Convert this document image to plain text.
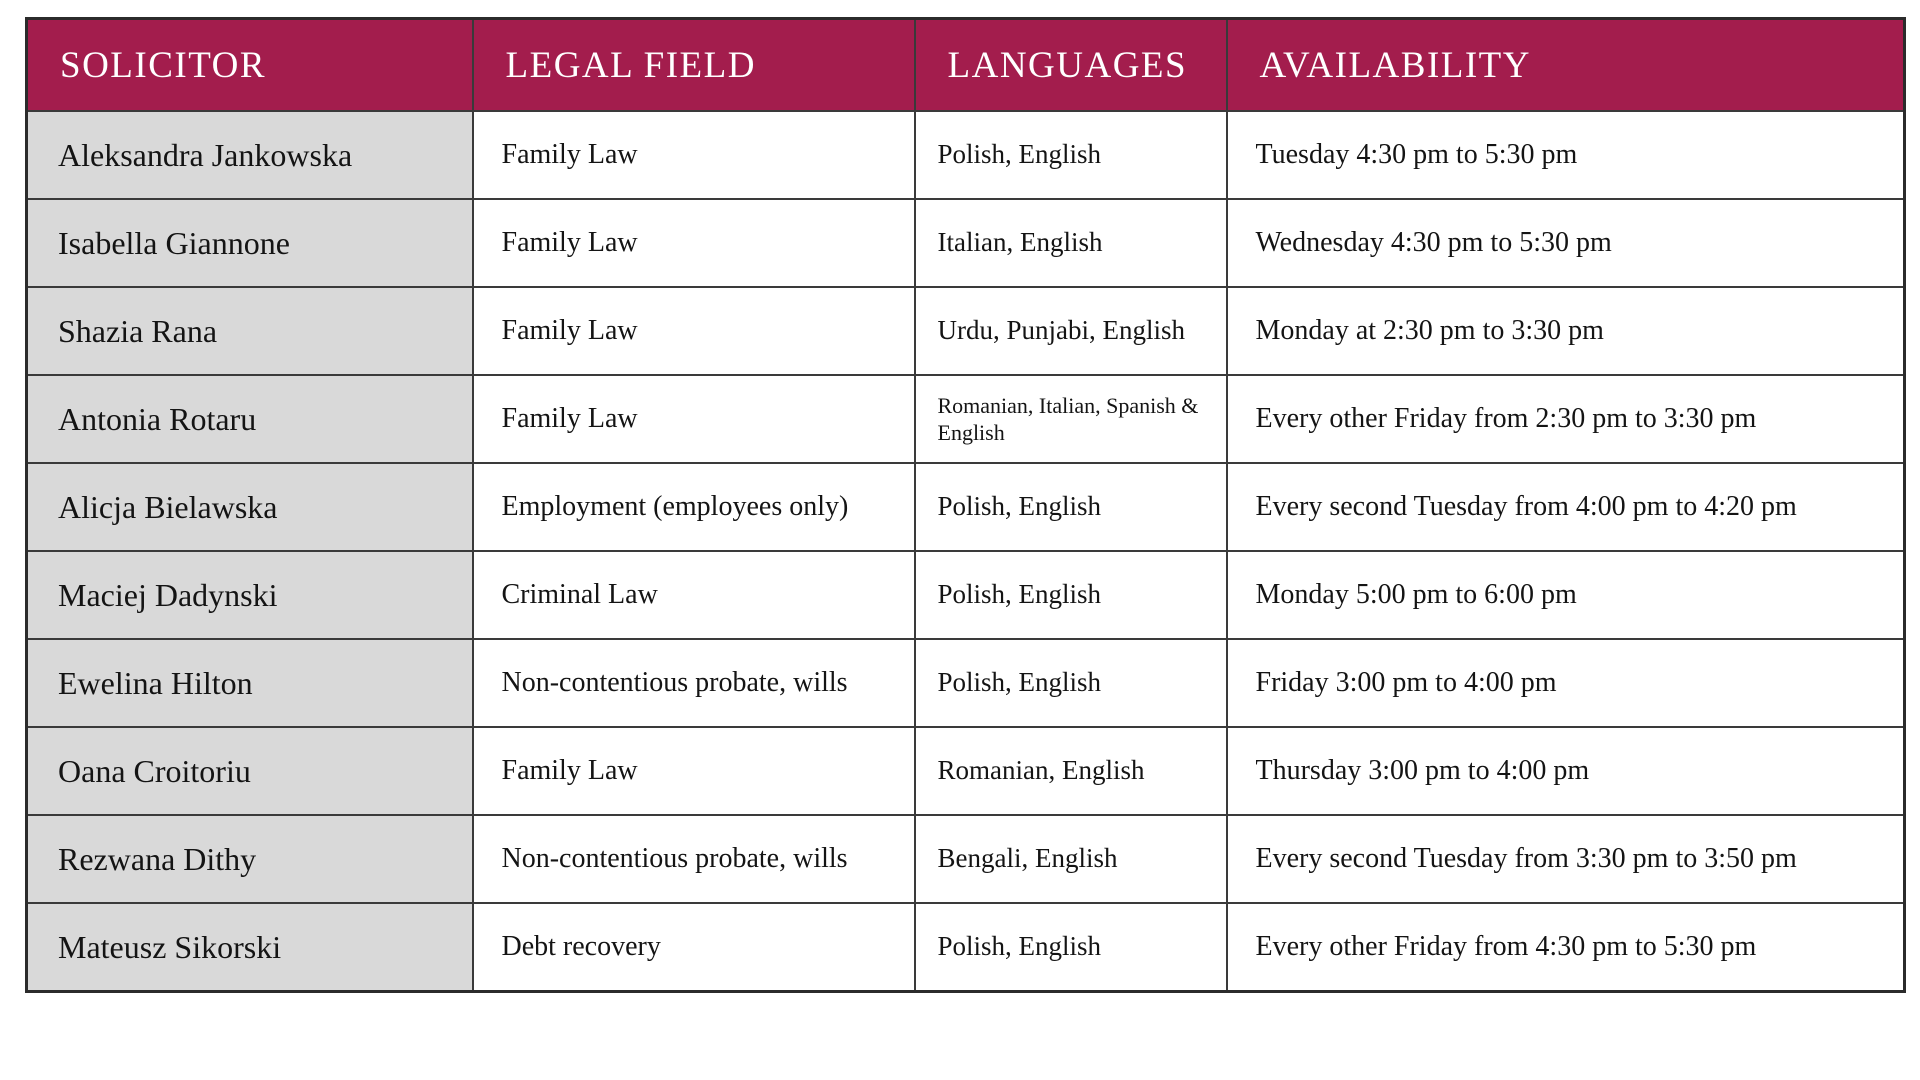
SOLICITOR	LEGAL FIELD	LANGUAGES	AVAILABILITY
Aleksandra Jankowska	Family Law	Polish, English	Tuesday 4:30 pm to 5:30 pm
Isabella Giannone	Family Law	Italian, English	Wednesday 4:30 pm to 5:30 pm
Shazia Rana	Family Law	Urdu, Punjabi, English	Monday at 2:30 pm to 3:30 pm
Antonia Rotaru	Family Law	Romanian, Italian, Spanish & English	Every other Friday from 2:30 pm to 3:30 pm
Alicja Bielawska	Employment (employees only)	Polish, English	Every second Tuesday from 4:00 pm to 4:20 pm
Maciej Dadynski	Criminal Law	Polish, English	Monday 5:00 pm to 6:00 pm
Ewelina Hilton	Non-contentious probate, wills	Polish, English	Friday 3:00 pm to 4:00 pm
Oana Croitoriu	Family Law	Romanian, English	Thursday 3:00 pm to 4:00 pm
Rezwana Dithy	Non-contentious probate, wills	Bengali, English	Every second Tuesday from 3:30 pm to 3:50 pm
Mateusz Sikorski	Debt recovery	Polish, English	Every other Friday from 4:30 pm to 5:30 pm
